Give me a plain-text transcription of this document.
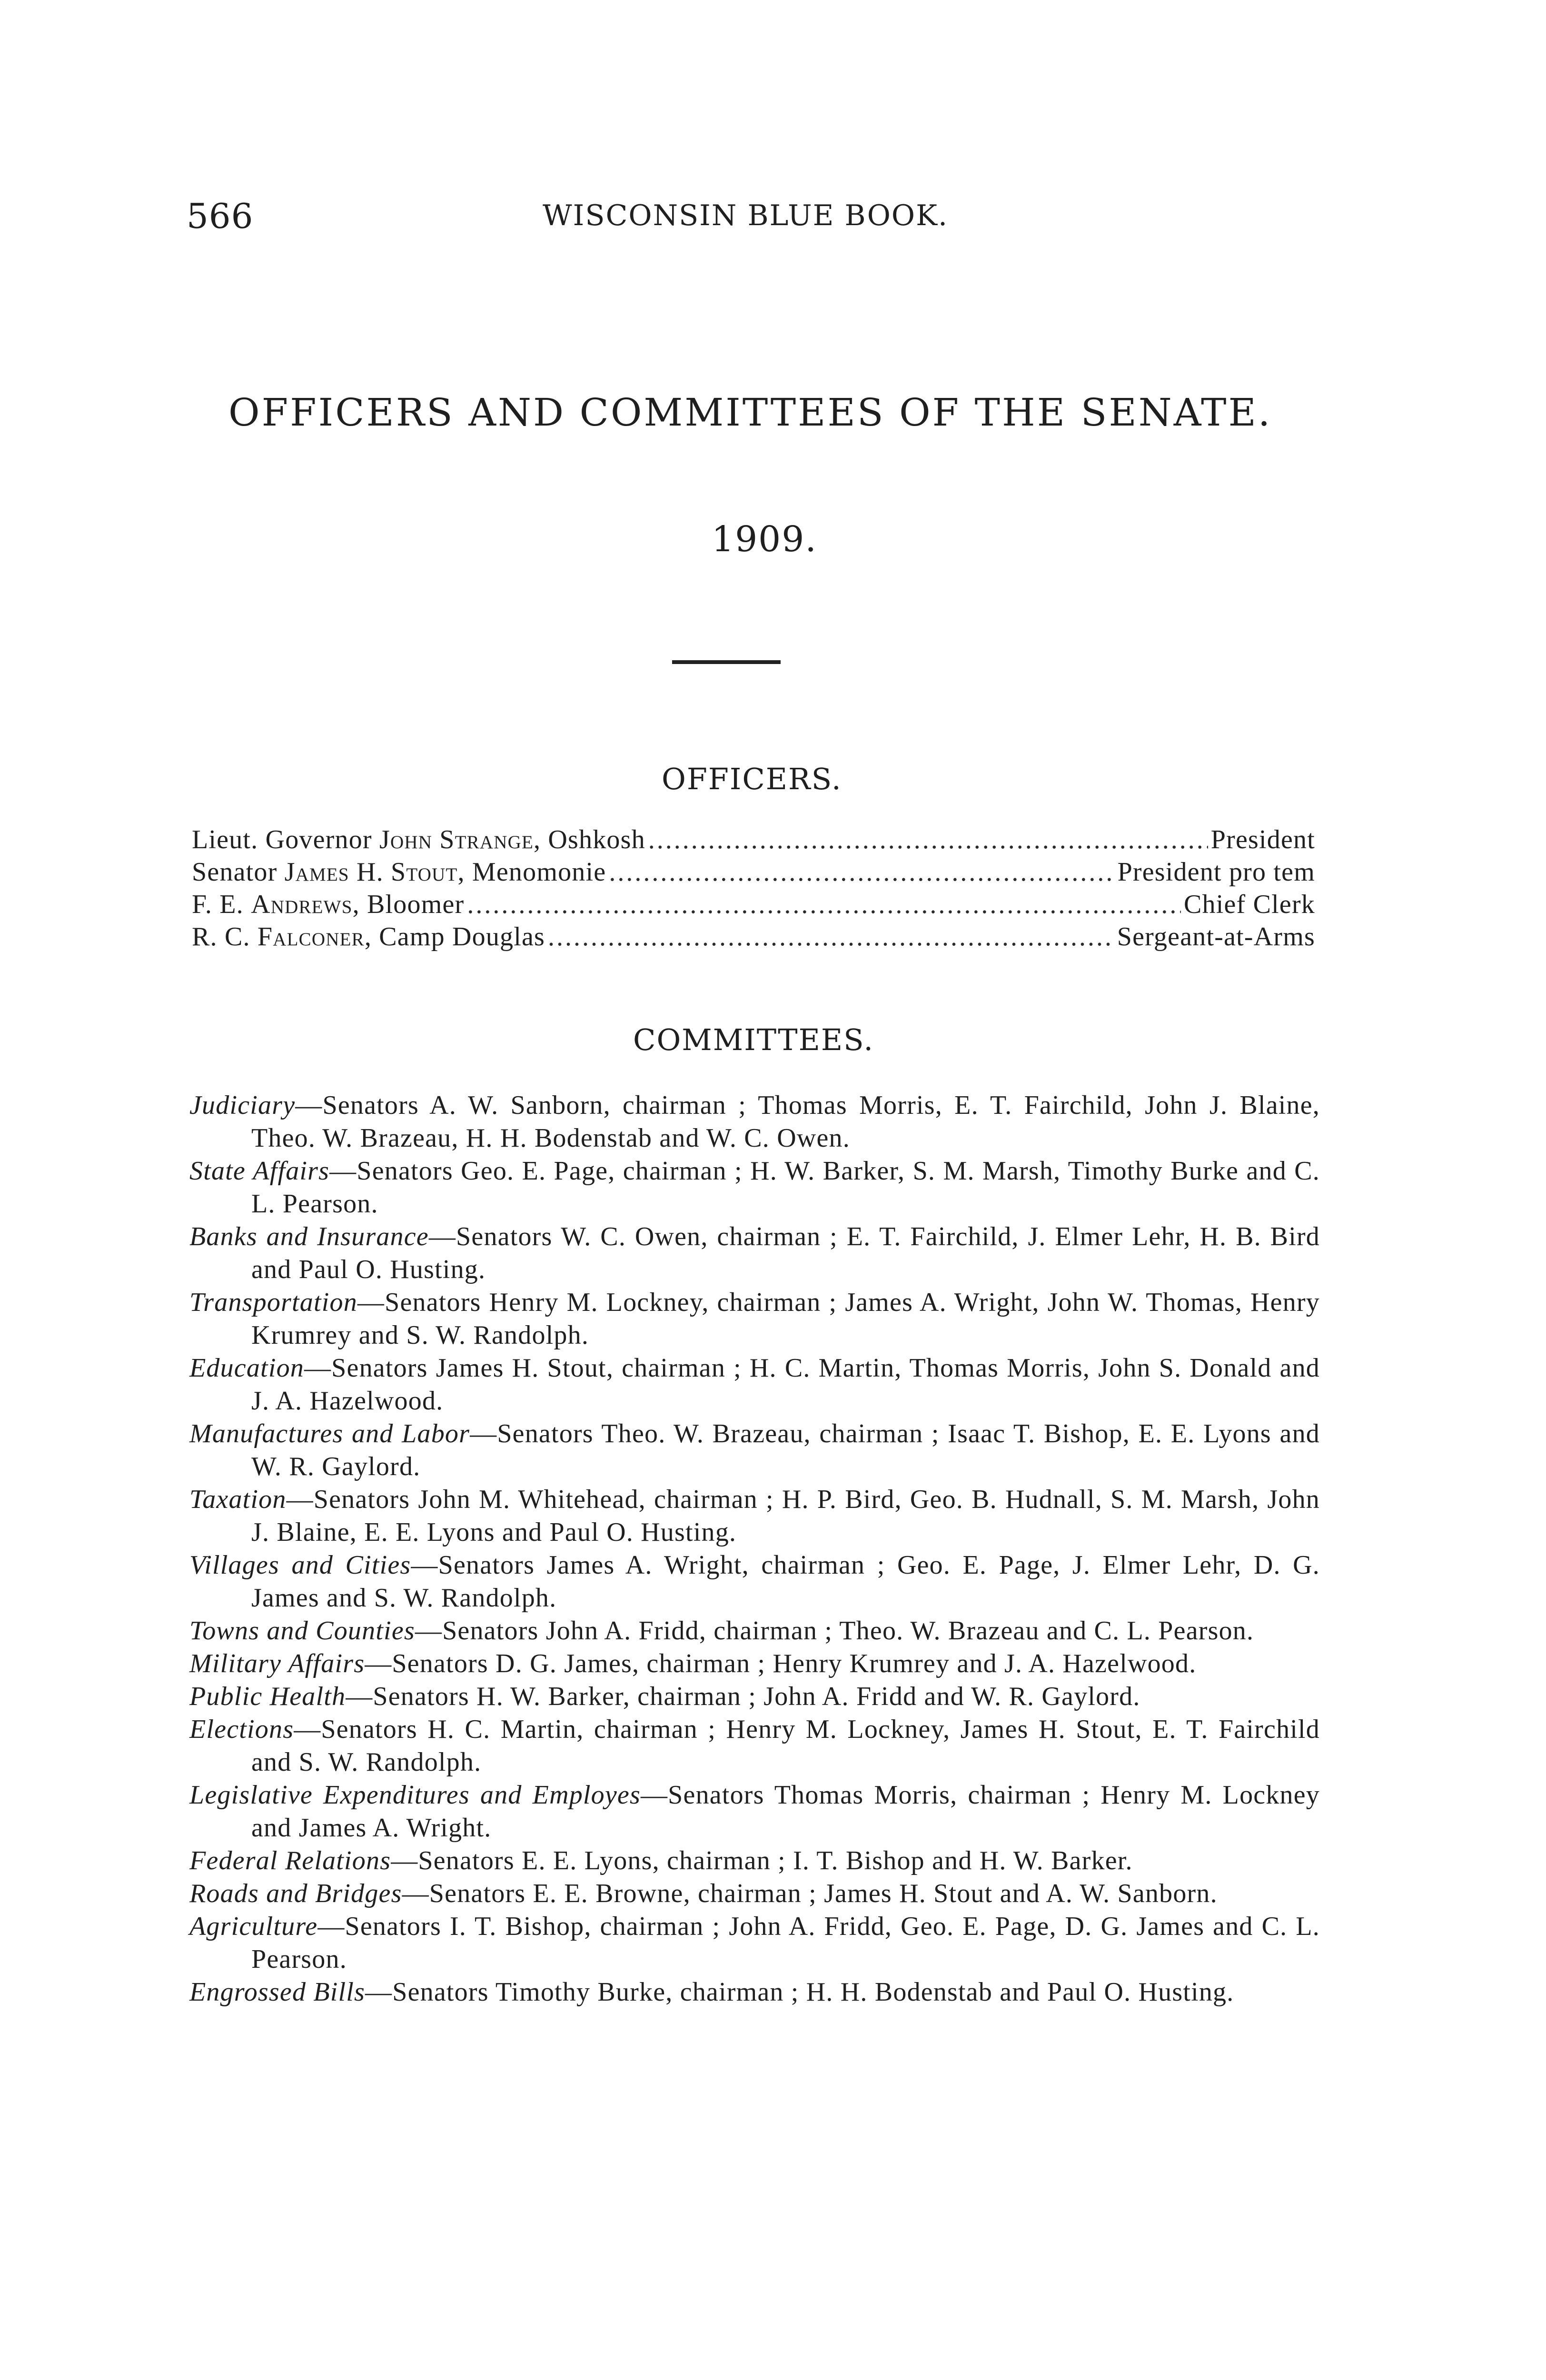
566	WISCONSIN BLUE BOOK.
OFFICERS AND COMMITTEES OF THE SENATE.
1909.
OFFICERS.
Lieut. Governor John Strange, Oshkosh .....	President
Senator James H. Stout, Menomonie .....	President pro tem
F. E. Andrews, Bloomer .....	Chief Clerk
R. C. Falconer, Camp Douglas .....	Sergeant-at-Arms
COMMITTEES.

Judiciary—Senators A. W. Sanborn, chairman ; Thomas Morris, E. T. Fairchild, John J. Blaine, Theo. W. Brazeau, H. H. Bodenstab and W. C. Owen.

State Affairs—Senators Geo. E. Page, chairman ; H. W. Barker, S. M. Marsh, Timothy Burke and C. L. Pearson.

Banks and Insurance—Senators W. C. Owen, chairman ; E. T. Fairchild, J. Elmer Lehr, H. B. Bird and Paul O. Husting.

Transportation—Senators Henry M. Lockney, chairman ; James A. Wright, John W. Thomas, Henry Krumrey and S. W. Randolph.

Education—Senators James H. Stout, chairman ; H. C. Martin, Thomas Morris, John S. Donald and J. A. Hazelwood.

Manufactures and Labor—Senators Theo. W. Brazeau, chairman ; Isaac T. Bishop, E. E. Lyons and W. R. Gaylord.

Taxation—Senators John M. Whitehead, chairman ; H. P. Bird, Geo. B. Hudnall, S. M. Marsh, John J. Blaine, E. E. Lyons and Paul O. Husting.

Villages and Cities—Senators James A. Wright, chairman ; Geo. E. Page, J. Elmer Lehr, D. G. James and S. W. Randolph.

Towns and Counties—Senators John A. Fridd, chairman ; Theo. W. Brazeau and C. L. Pearson.

Military Affairs—Senators D. G. James, chairman ; Henry Krumrey and J. A. Hazelwood.

Public Health—Senators H. W. Barker, chairman ; John A. Fridd and W. R. Gaylord.

Elections—Senators H. C. Martin, chairman ; Henry M. Lockney, James H. Stout, E. T. Fairchild and S. W. Randolph.

Legislative Expenditures and Employes—Senators Thomas Morris, chairman ; Henry M. Lockney and James A. Wright.

Federal Relations—Senators E. E. Lyons, chairman ; I. T. Bishop and H. W. Barker.

Roads and Bridges—Senators E. E. Browne, chairman ; James H. Stout and A. W. Sanborn.

Agriculture—Senators I. T. Bishop, chairman ; John A. Fridd, Geo. E. Page, D. G. James and C. L. Pearson.

Engrossed Bills—Senators Timothy Burke, chairman ; H. H. Bodenstab and Paul O. Husting.
